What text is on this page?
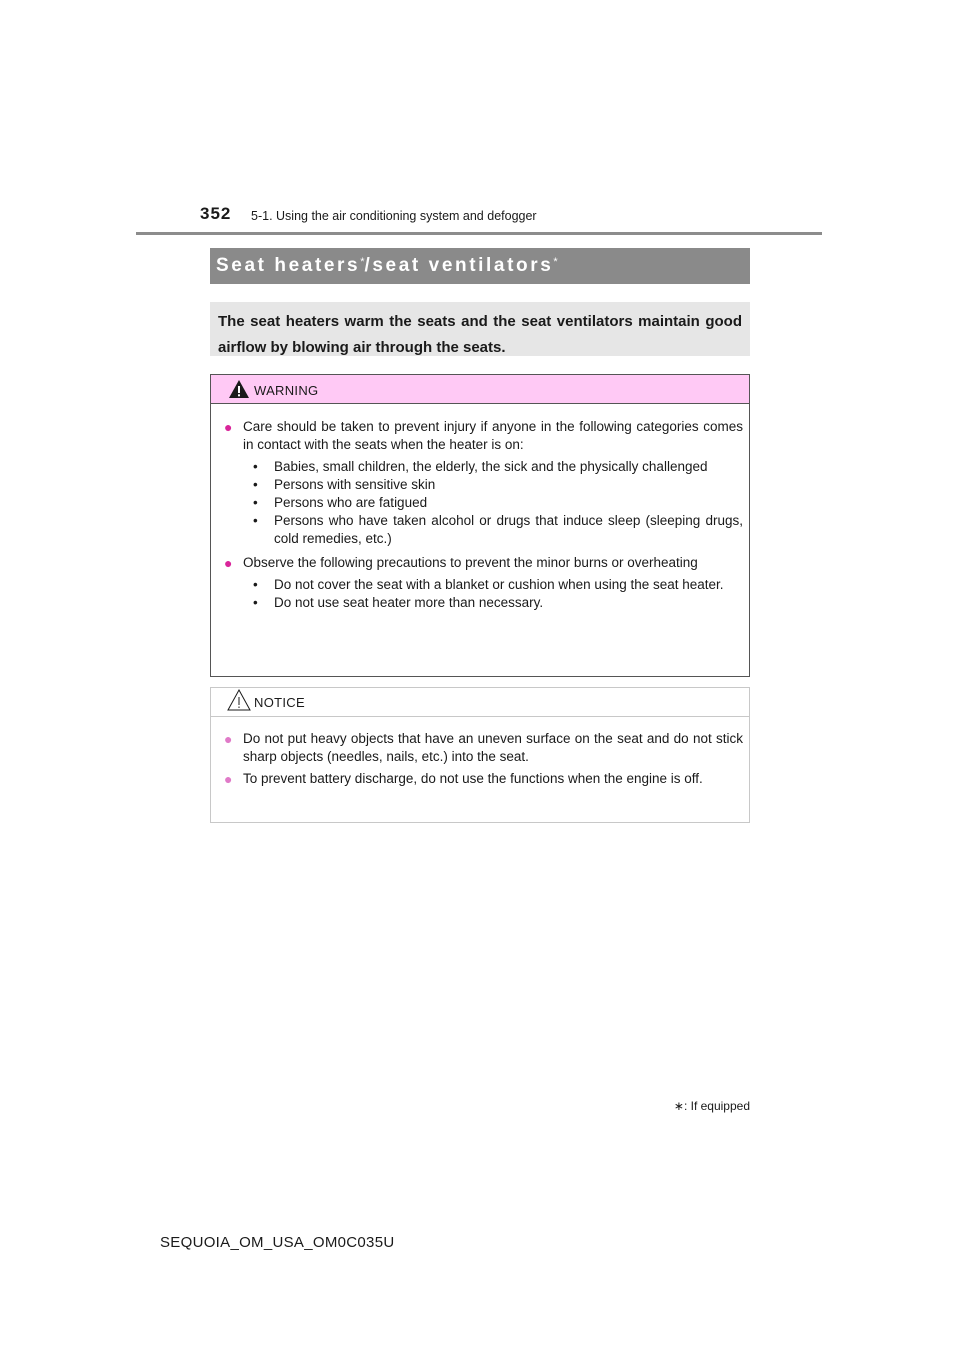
352 5-1. Using the air conditioning system and defogger
Seat heaters*/seat ventilators*
The seat heaters warm the seats and the seat ventilators maintain good airflow by blowing air through the seats.
WARNING
● Care should be taken to prevent injury if anyone in the following categories comes in contact with the seats when the heater is on:
• Babies, small children, the elderly, the sick and the physically challenged
• Persons with sensitive skin
• Persons who are fatigued
• Persons who have taken alcohol or drugs that induce sleep (sleeping drugs, cold remedies, etc.)
● Observe the following precautions to prevent the minor burns or overheating
• Do not cover the seat with a blanket or cushion when using the seat heater.
• Do not use seat heater more than necessary.
NOTICE
● Do not put heavy objects that have an uneven surface on the seat and do not stick sharp objects (needles, nails, etc.) into the seat.
● To prevent battery discharge, do not use the functions when the engine is off.
∗: If equipped
SEQUOIA_OM_USA_OM0C035U
